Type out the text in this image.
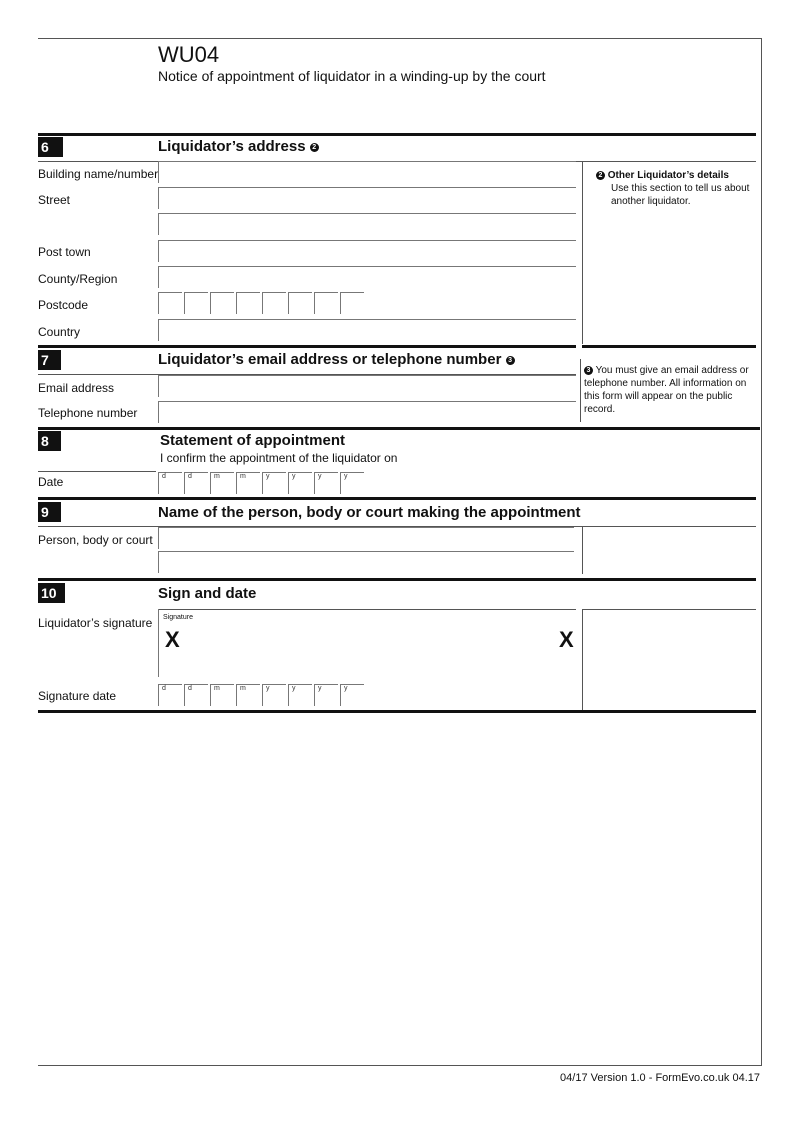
WU04
Notice of appointment of liquidator in a winding-up by the court
6	Liquidator’s address 2
Building name/number
Street
Post town
County/Region
Postcode
Country
2 Other Liquidator’s details

Use this section to tell us about another liquidator.
7	Liquidator’s email address or telephone number 3
Email address
Telephone number
3 You must give an email address or telephone number. All information on this form will appear on the public record.
8	Statement of appointment
I confirm the appointment of the liquidator on
Date	d	d	m	m	y	y	y	y
9	Name of the person, body or court making the appointment
Person, body or court
10	Sign and date
Liquidator’s signature Signature
X	X
Signature date
d	d	m	m	y	y	y	y
04/17 Version 1.0 - FormEvo.co.uk 04.17
